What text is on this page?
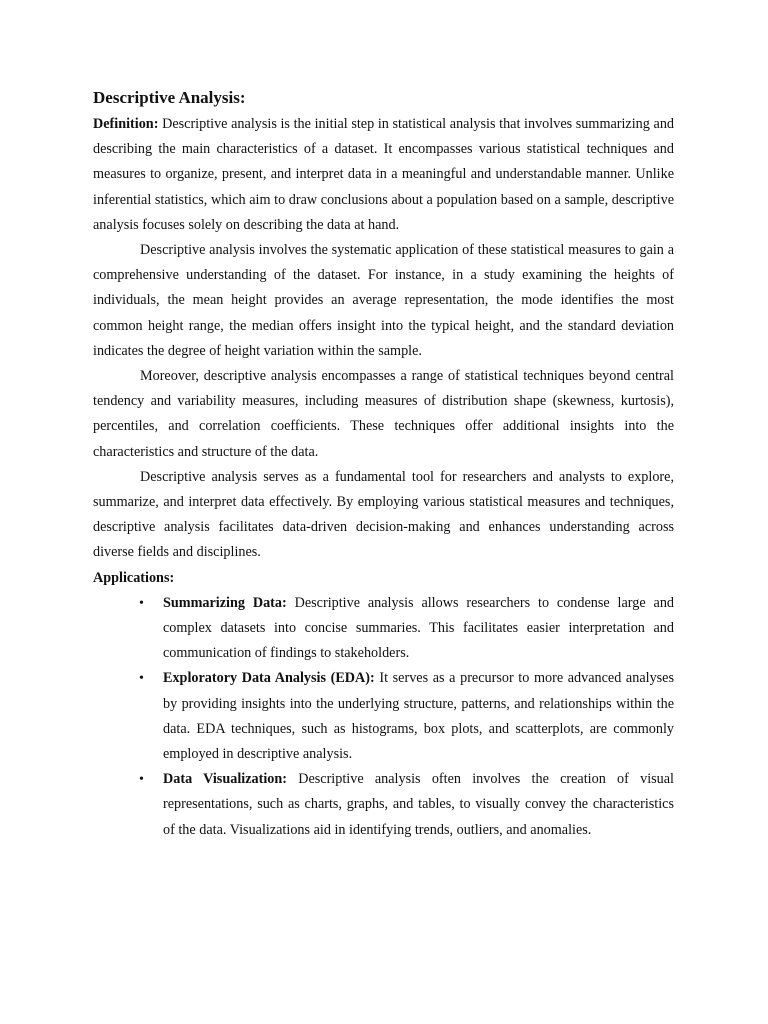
Descriptive Analysis:

Definition: Descriptive analysis is the initial step in statistical analysis that involves summarizing and describing the main characteristics of a dataset. It encompasses various statistical techniques and measures to organize, present, and interpret data in a meaningful and understandable manner. Unlike inferential statistics, which aim to draw conclusions about a population based on a sample, descriptive analysis focuses solely on describing the data at hand.

Descriptive analysis involves the systematic application of these statistical measures to gain a comprehensive understanding of the dataset. For instance, in a study examining the heights of individuals, the mean height provides an average representation, the mode identifies the most common height range, the median offers insight into the typical height, and the standard deviation indicates the degree of height variation within the sample.

Moreover, descriptive analysis encompasses a range of statistical techniques beyond central tendency and variability measures, including measures of distribution shape (skewness, kurtosis), percentiles, and correlation coefficients. These techniques offer additional insights into the characteristics and structure of the data.

Descriptive analysis serves as a fundamental tool for researchers and analysts to explore, summarize, and interpret data effectively. By employing various statistical measures and techniques, descriptive analysis facilitates data-driven decision-making and enhances understanding across diverse fields and disciplines.

Applications:
• Summarizing Data: Descriptive analysis allows researchers to condense large and complex datasets into concise summaries. This facilitates easier interpretation and communication of findings to stakeholders.
• Exploratory Data Analysis (EDA): It serves as a precursor to more advanced analyses by providing insights into the underlying structure, patterns, and relationships within the data. EDA techniques, such as histograms, box plots, and scatterplots, are commonly employed in descriptive analysis.
• Data Visualization: Descriptive analysis often involves the creation of visual representations, such as charts, graphs, and tables, to visually convey the characteristics of the data. Visualizations aid in identifying trends, outliers, and anomalies.
